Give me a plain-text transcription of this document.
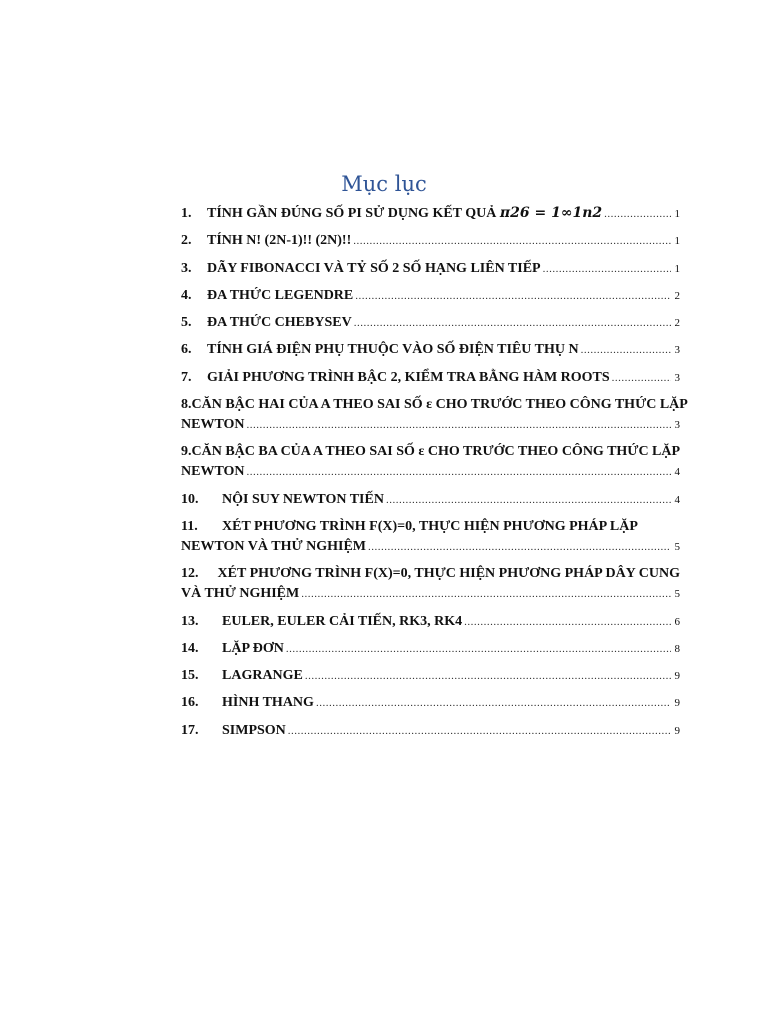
Mục lục
1.	TÍNH GẦN ĐÚNG SỐ PI SỬ DỤNG KẾT QUẢ π26 = 1∞1n2 .....	1
2.	TÍNH N! (2N-1)!! (2N)!! .....	1
3.	DÃY FIBONACCI VÀ TỶ SỐ 2 SỐ HẠNG LIÊN TIẾP .....	1
4.	ĐA THỨC LEGENDRE .....	2
5.	ĐA THỨC CHEBYSEV .....	2
6.	TÍNH GIÁ ĐIỆN PHỤ THUỘC VÀO SỐ ĐIỆN TIÊU THỤ N .....	3
7.	GIẢI PHƯƠNG TRÌNH BẬC 2, KIỂM TRA BẰNG HÀM ROOTS .....	3
8. CĂN BẬC HAI CỦA A THEO SAI SỐ ε CHO TRƯỚC THEO CÔNG THỨC LẶP
NEWTON .....	3
9. CĂN BẬC BA CỦA A THEO SAI SỐ ε CHO TRƯỚC THEO CÔNG THỨC LẶP
NEWTON .....	4
10.	NỘI SUY NEWTON TIẾN .....	4
11.	XÉT PHƯƠNG TRÌNH F(X)=0, THỰC HIỆN PHƯƠNG PHÁP LẶP
NEWTON VÀ THỬ NGHIỆM .....	5
12.	XÉT PHƯƠNG TRÌNH F(X)=0, THỰC HIỆN PHƯƠNG PHÁP DÂY CUNG
VÀ THỬ NGHIỆM .....	5
13.	EULER, EULER CẢI TIẾN, RK3, RK4 .....	6
14.	LẶP ĐƠN .....	8
15.	LAGRANGE .....	9
16.	HÌNH THANG .....	9
17.	SIMPSON .....	9
